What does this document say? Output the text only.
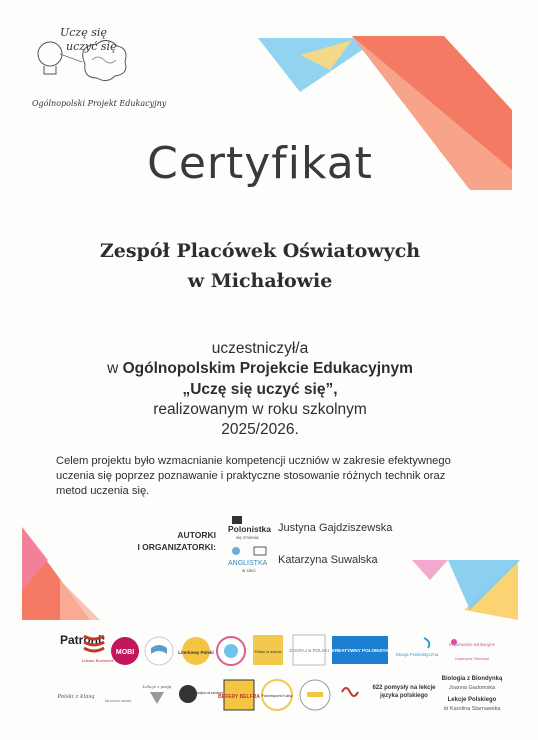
Uczę się
uczyć się
Ogólnopolski Projekt Edukacyjny
Certyfikat
Zespół Placówek Oświatowych
w Michałowie
uczestniczył/a
w Ogólnopolskim Projekcie Edukacyjnym
„Uczę się uczyć się”,
realizowanym w roku szkolnym
2025/2026.
Celem projektu było wzmacnianie kompetencji uczniów w zakresie efektywnego uczenia się poprzez poznawanie i praktyczne stosowanie różnych technik oraz metod uczenia się.
AUTORKI
I ORGANIZATORKI:
Polonistka
się zmienia
ANGLISTKA
w sieci
Justyna Gajdziszewska
Katarzyna Suwalska
Patroni:
Łukasz Bochenek
MOBI	Literkowy Polski	Polski w szkole ZAGRAJ w POLSKI KREATYWNY POLONISTA
Stacja Polonistyczna
Inspirowanie edukacyjne
Katarzyna Oliwiusal
Polski z klasą
Na końcu świata
Lekcje z pasją
Polonistyka na szkolnej
BEFERY BELFRA Polonistyczne Kulisy
622 pomysły na lekcje języka polskiego
Biologia z Blondynką
Joanna Gadomska
Lekcje Polskiego
dr Karolina Starnawska
